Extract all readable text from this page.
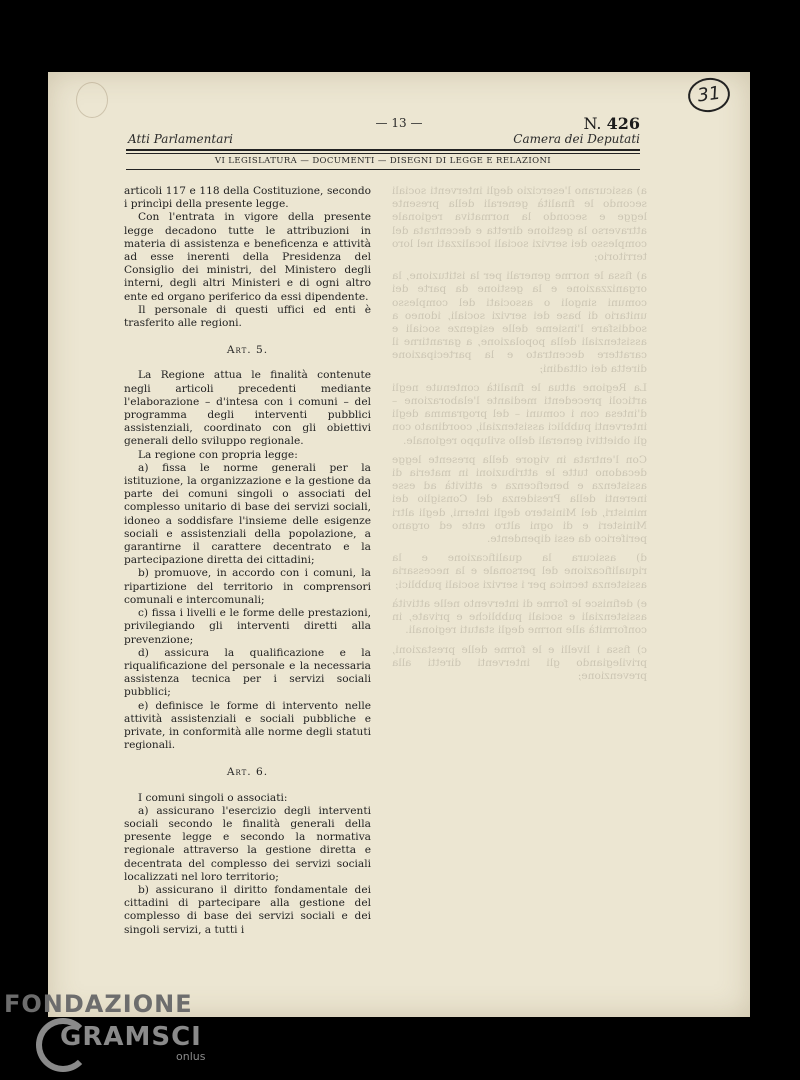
31
— 13 —
Atti Parlamentari
N. 426
Camera dei Deputati
VI LEGISLATURA — DOCUMENTI — DISEGNI DI LEGGE E RELAZIONI

articoli 117 e 118 della Costituzione, secondo i princìpi della presente legge.

Con l'entrata in vigore della presente legge decadono tutte le attribuzioni in materia di assistenza e beneficenza e attività ad esse inerenti della Presidenza del Consiglio dei ministri, del Ministero degli interni, degli altri Ministeri e di ogni altro ente ed organo periferico da essi dipendente.

Il personale di questi uffici ed enti è trasferito alle regioni.

Art. 5.

La Regione attua le finalità contenute negli articoli precedenti mediante l'elaborazione – d'intesa con i comuni – del programma degli interventi pubblici assistenziali, coordinato con gli obiettivi generali dello sviluppo regionale.

La regione con propria legge:

a) fissa le norme generali per la istituzione, la organizzazione e la gestione da parte dei comuni singoli o associati del complesso unitario di base dei servizi sociali, idoneo a soddisfare l'insieme delle esigenze sociali e assistenziali della popolazione, a garantirne il carattere decentrato e la partecipazione diretta dei cittadini;

b) promuove, in accordo con i comuni, la ripartizione del territorio in comprensori comunali e intercomunali;

c) fissa i livelli e le forme delle prestazioni, privilegiando gli interventi diretti alla prevenzione;

d) assicura la qualificazione e la riqualificazione del personale e la necessaria assistenza tecnica per i servizi sociali pubblici;

e) definisce le forme di intervento nelle attività assistenziali e sociali pubbliche e private, in conformità alle norme degli statuti regionali.

Art. 6.

I comuni singoli o associati:

a) assicurano l'esercizio degli interventi sociali secondo le finalità generali della presente legge e secondo la normativa regionale attraverso la gestione diretta e decentrata del complesso dei servizi sociali localizzati nel loro territorio;

b) assicurano il diritto fondamentale dei cittadini di partecipare alla gestione del complesso di base dei servizi sociali e dei singoli servizi, a tutti i

a) assicurano l'esercizio degli interventi sociali secondo le finalità generali della presente legge e secondo la normativa regionale attraverso la gestione diretta e decentrata del complesso dei servizi sociali localizzati nel loro territorio;

a) fissa le norme generali per la istituzione, la organizzazione e la gestione da parte dei comuni singoli o associati del complesso unitario di base dei servizi sociali, idoneo a soddisfare l'insieme delle esigenze sociali e assistenziali della popolazione, a garantirne il carattere decentrato e la partecipazione diretta dei cittadini;

La Regione attua le finalità contenute negli articoli precedenti mediante l'elaborazione – d'intesa con i comuni – del programma degli interventi pubblici assistenziali, coordinato con gli obiettivi generali dello sviluppo regionale.

Con l'entrata in vigore della presente legge decadono tutte le attribuzioni in materia di assistenza e beneficenza e attività ad esse inerenti della Presidenza del Consiglio dei ministri, del Ministero degli interni, degli altri Ministeri e di ogni altro ente ed organo periferico da essi dipendente.

d) assicura la qualificazione e la riqualificazione del personale e la necessaria assistenza tecnica per i servizi sociali pubblici;

e) definisce le forme di intervento nelle attività assistenziali e sociali pubbliche e private, in conformità alle norme degli statuti regionali.

c) fissa i livelli e le forme delle prestazioni, privilegiando gli interventi diretti alla prevenzione;

FONDAZIONE
GRAMSCI
onlus
